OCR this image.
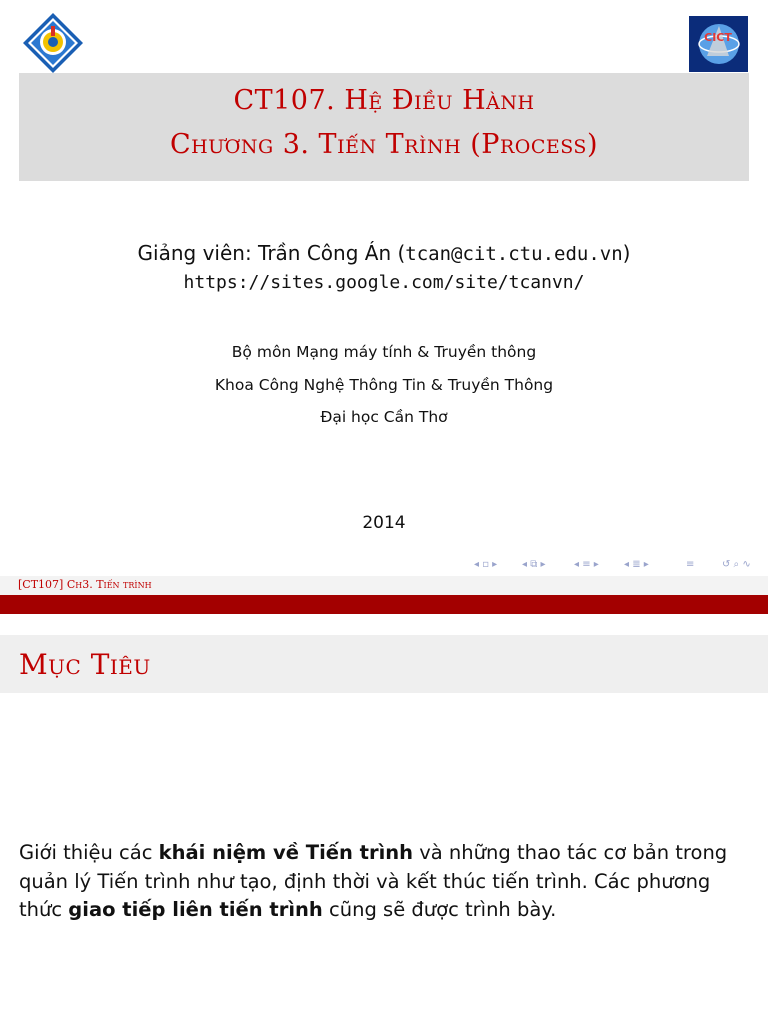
CICT
CT107. Hệ Điều Hành
Chương 3. Tiến Trình (Process)
Giảng viên: Trần Công Án (tcan@cit.ctu.edu.vn)
https://sites.google.com/site/tcanvn/
Bộ môn Mạng máy tính & Truyền thông
Khoa Công Nghệ Thông Tin & Truyền Thông
Đại học Cần Thơ
2014
◂ ▫ ▸ ◂ ⧉ ▸	◂ ≡ ▸	◂ ≣ ▸	≡	↺ ⌕ ∿
[CT107] Ch3. Tiến trình
Mục Tiêu
Giới thiệu các khái niệm về Tiến trình và những thao tác cơ bản trong quản lý Tiến trình như tạo, định thời và kết thúc tiến trình. Các phương thức giao tiếp liên tiến trình cũng sẽ được trình bày.
